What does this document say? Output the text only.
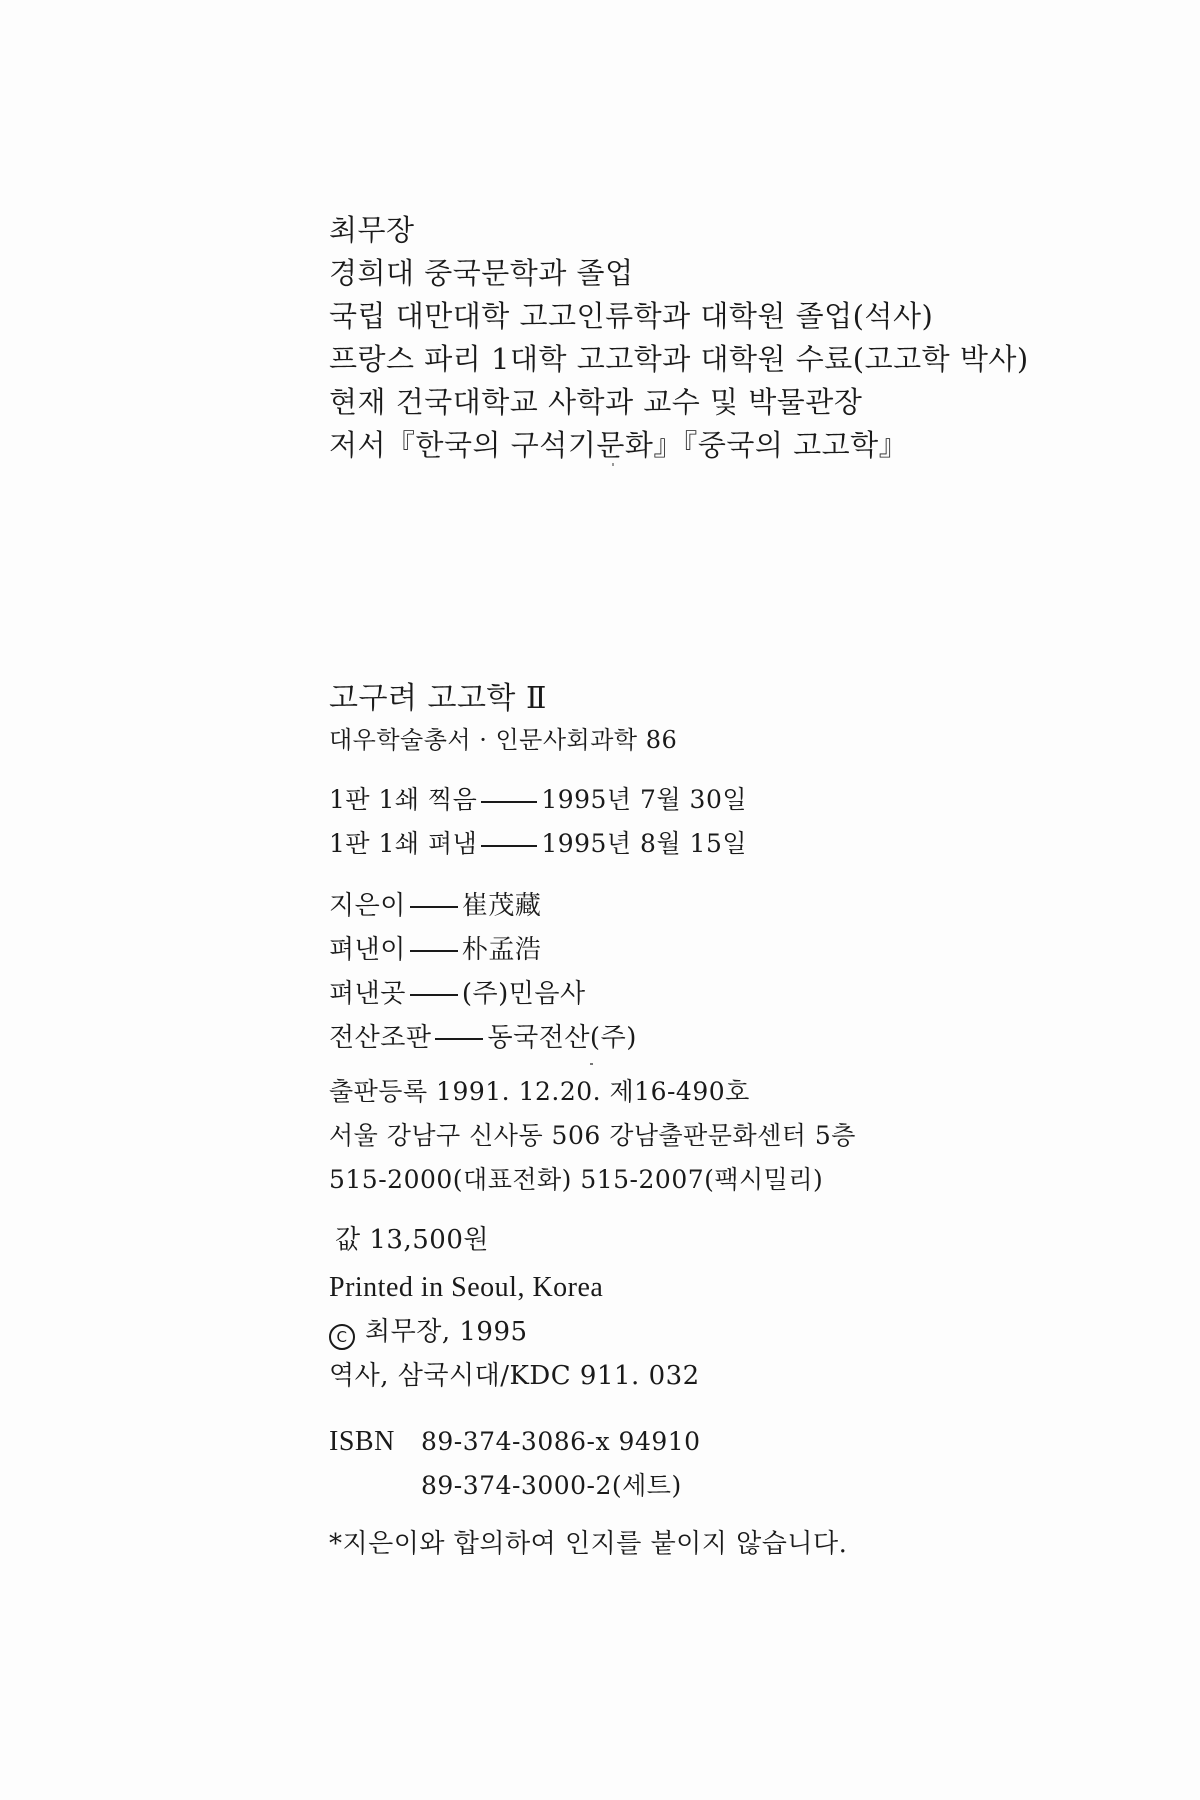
최무장
경희대 중국문학과 졸업
국립 대만대학 고고인류학과 대학원 졸업(석사)
프랑스 파리 1대학 고고학과 대학원 수료(고고학 박사)
현재 건국대학교 사학과 교수 및 박물관장
저서『한국의 구석기문화』『중국의 고고학』
고구려 고고학 Ⅱ
대우학술총서 · 인문사회과학 86
1판 1쇄 찍음	1995년 7월 30일
1판 1쇄 펴냄	1995년 8월 15일
지은이 崔茂藏
펴낸이 朴孟浩
펴낸곳 (주)민음사
전산조판 동국전산(주)
출판등록 1991. 12.20. 제16-490호
서울 강남구 신사동 506 강남출판문화센터 5층
515-2000(대표전화) 515-2007(팩시밀리)
값 13,500원
Printed in Seoul, Korea
C 최무장, 1995
역사, 삼국시대/KDC 911. 032
ISBN 89-374-3086-x 94910
89-374-3000-2(세트)
*지은이와 합의하여 인지를 붙이지 않습니다.
